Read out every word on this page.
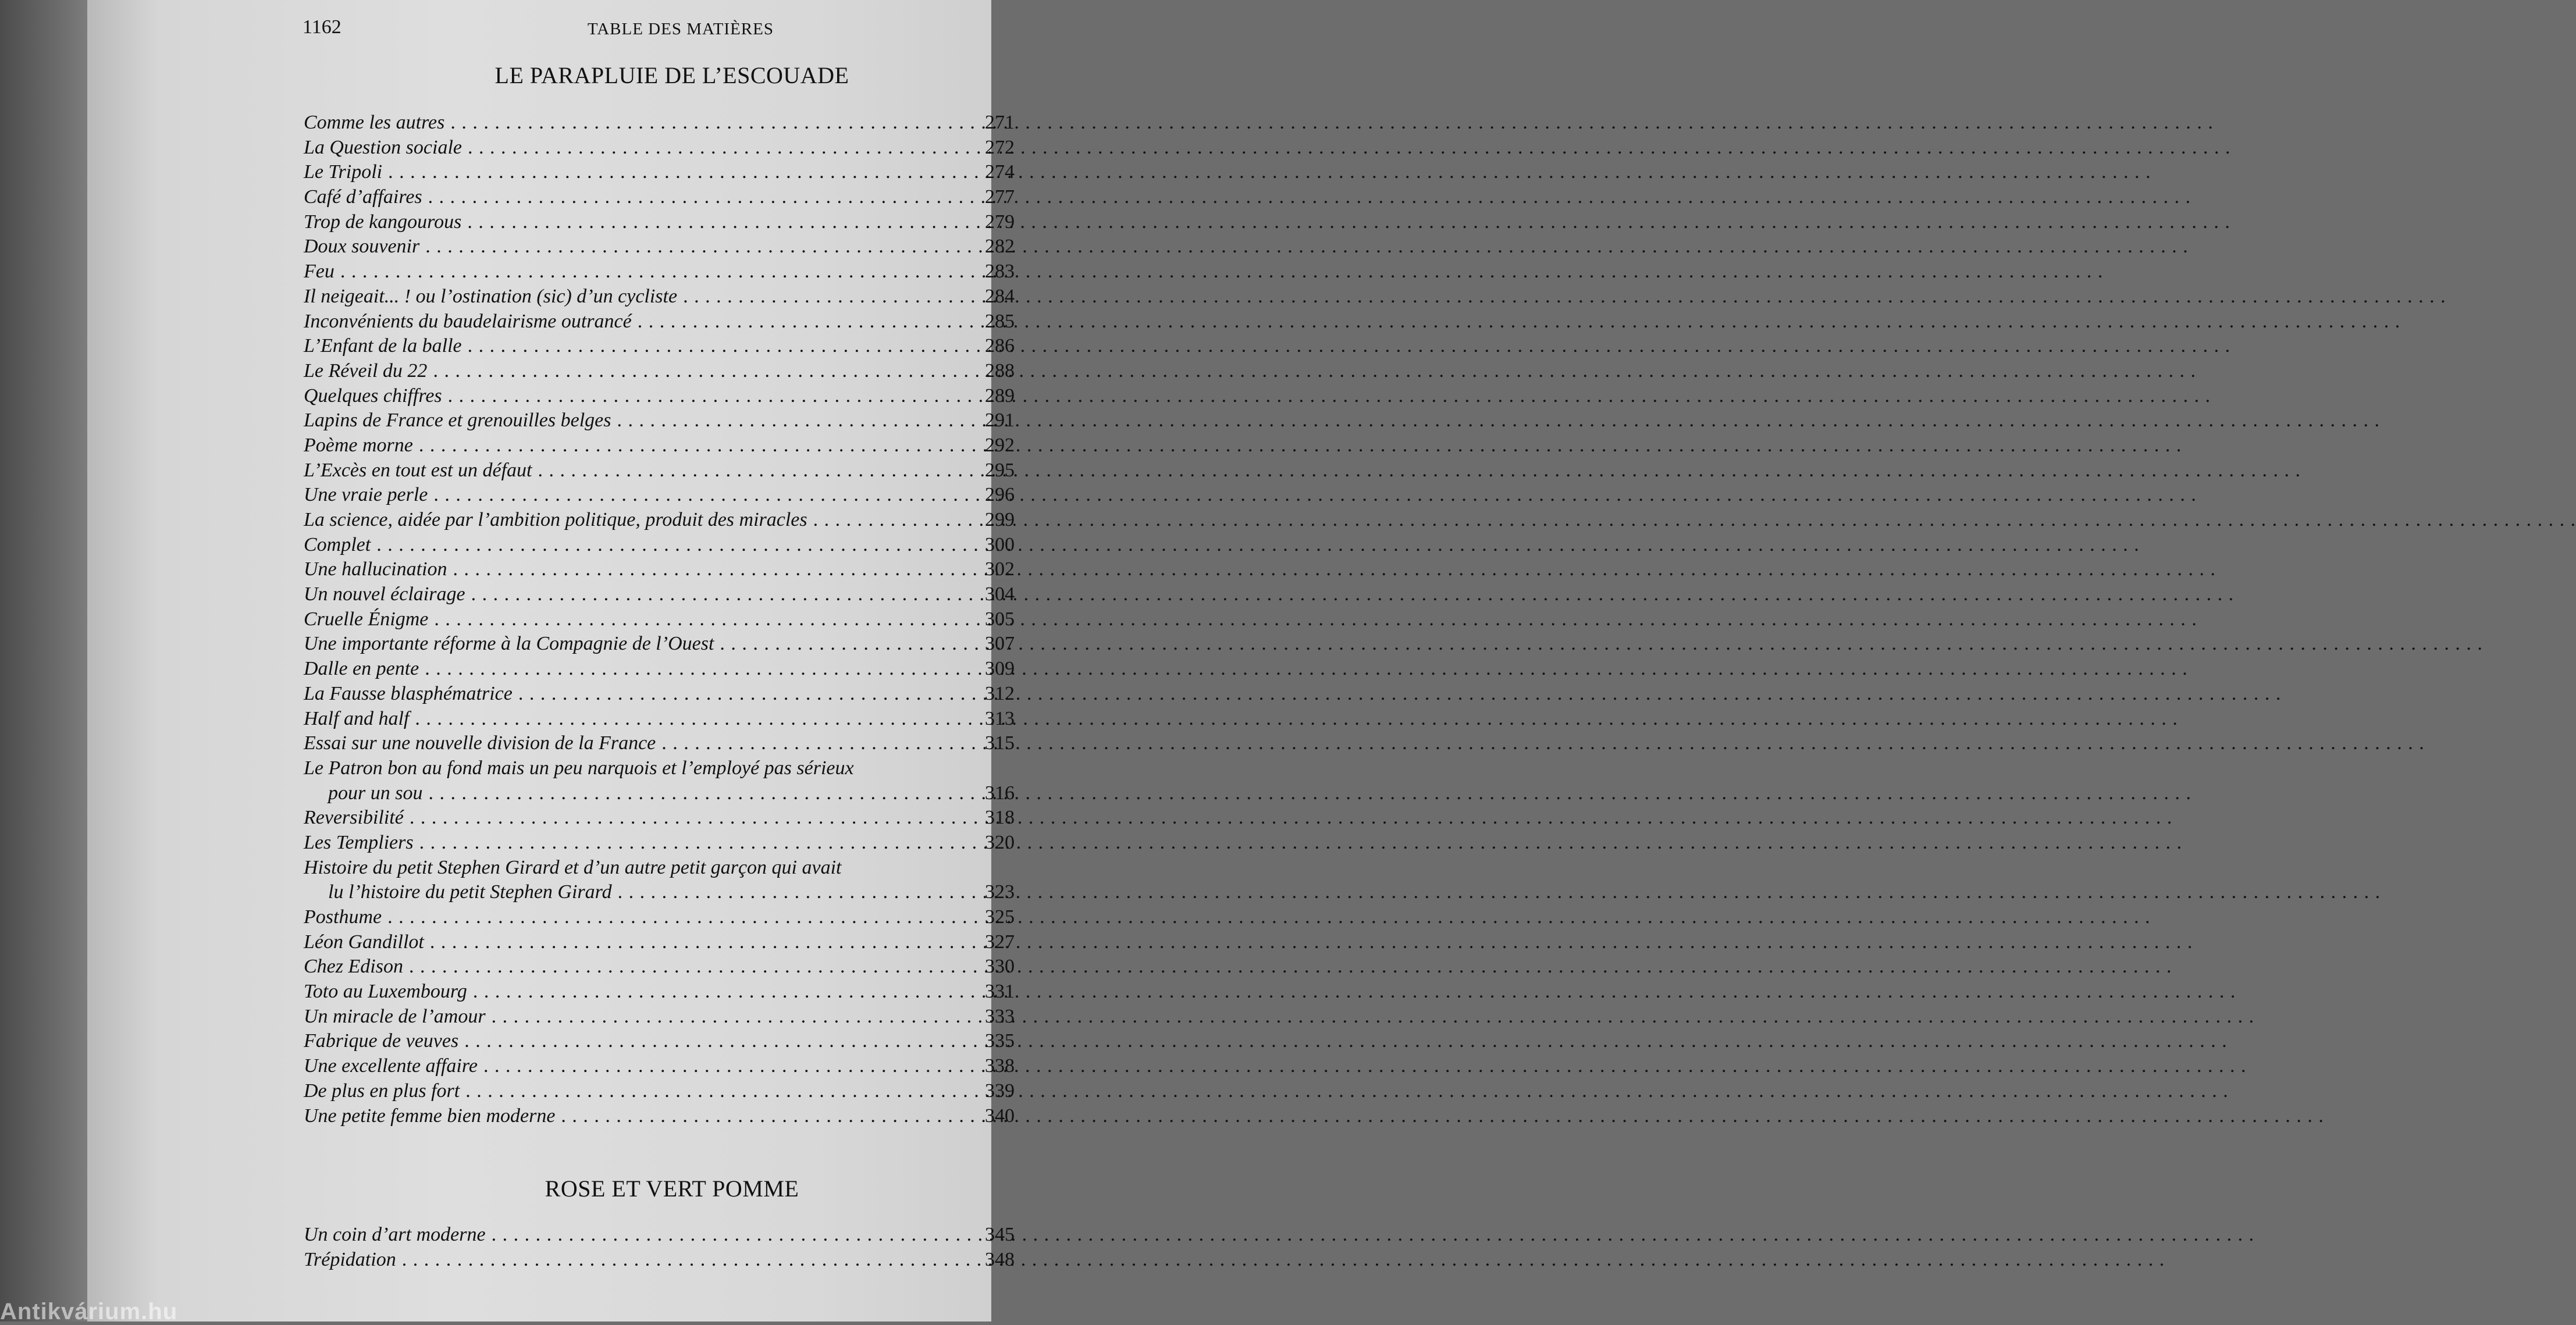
1162	TABLE DES MATIÈRES
LE PARAPLUIE DE L’ESCOUADE
Comme les autres . . .	271
La Question sociale . . .	272
Le Tripoli . . .	274
Café d’affaires . . .	277
Trop de kangourous . . .	279
Doux souvenir . . .	282
Feu . . .	283
Il neigeait... ! ou l’ostination (sic) d’un cycliste . . .	284
Inconvénients du baudelairisme outrancé . . .	285
L’Enfant de la balle . . .	286
Le Réveil du 22 . . .	288
Quelques chiffres . . .	289
Lapins de France et grenouilles belges . . .	291
Poème morne . . .	292
L’Excès en tout est un défaut . . .	295
Une vraie perle . . .	296
La science, aidée par l’ambition politique, produit des miracles . . .	299
Complet . . .	300
Une hallucination . . .	302
Un nouvel éclairage . . .	304
Cruelle Énigme . . .	305
Une importante réforme à la Compagnie de l’Ouest . . .	307
Dalle en pente . . .	309
La Fausse blasphématrice . . .	312
Half and half . . .	313
Essai sur une nouvelle division de la France . . .	315
Le Patron bon au fond mais un peu narquois et l’employé pas sérieux
pour un sou . . .	316
Reversibilité . . .	318
Les Templiers . . .	320
Histoire du petit Stephen Girard et d’un autre petit garçon qui avait
lu l’histoire du petit Stephen Girard . . .	323
Posthume . . .	325
Léon Gandillot . . .	327
Chez Edison . . .	330
Toto au Luxembourg . . .	331
Un miracle de l’amour . . .	333
Fabrique de veuves . . .	335
Une excellente affaire . . .	338
De plus en plus fort . . .	339
Une petite femme bien moderne . . .	340
ROSE ET VERT POMME
Un coin d’art moderne . . .	345
Trépidation . . .	348
Antikvárium.hu
